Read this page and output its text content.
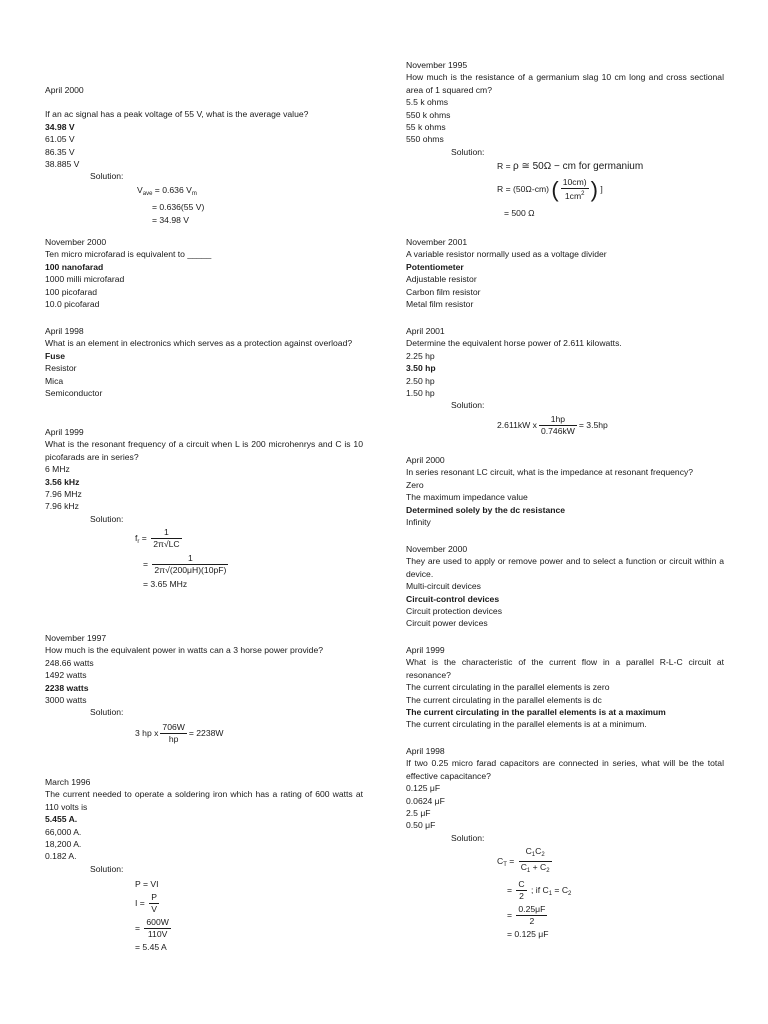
April 2000
If an ac signal has a peak voltage of 55 V, what is the average value?
34.98 V
61.05 V
86.35 V
38.885 V
Solution:
$V_{ave} = 0.636$ $V_m$
= 0.636(55 V)
= 34.98 V
November 2000
Ten micro microfarad is equivalent to _____
100 nanofarad
1000 milli microfarad
100 picofarad
10.0 picofarad
April 1998
What is an element in electronics which serves as a protection against overload?
Fuse
Resistor
Mica
Semiconductor
April 1999
What is the resonant frequency of a circuit when L is 200 microhenrys and C is 10 picofarads are in series?
6 MHz
3.56 kHz
7.96 MHz
7.96 kHz
Solution:
$f_r = \frac{1}{2\pi√LC}$
= $\frac{1}{2\pi√(200\mu H)(10pF)}$
= 3.65 MHz
November 1997
How much is the equivalent power in watts can a 3 horse power provide?
248.66 watts
1492 watts
2238 watts
3000 watts
Solution:
3 hp x $\frac{706W}{hp} = 2238W$
March 1996
The current needed to operate a soldering iron which has a rating of 600 watts at 110 volts is
5.455 A.
66,000 A.
18,200 A.
0.182 A.
Solution:
P = VI
$I = \frac{P}{V}$
= $\frac{600W}{110V}$
= 5.45 A
November 1995
How much is the resistance of a germanium slag 10 cm long and cross sectional area of 1 squared cm?
5.5 k ohms
550 k ohms
55 k ohms
550 ohms
Solution:
R = ρ ≅ 50Ω − cm for germanium
R = (50Ω-cm) ( $\frac{10cm)}{1cm^2}$ ) ]
= 500 Ω
November 2001
A variable resistor normally used as a voltage divider
Potentiometer
Adjustable resistor
Carbon film resistor
Metal film resistor
April 2001
Determine the equivalent horse power of 2.611 kilowatts.
2.25 hp
3.50 hp
2.50 hp
1.50 hp
Solution:
2.611kW x $\frac{1hp}{0.746kW} = 3.5hp$
April 2000
In series resonant LC circuit, what is the impedance at resonant frequency?
Zero
The maximum impedance value
Determined solely by the dc resistance
Infinity
November 2000
They are used to apply or remove power and to select a function or circuit within a device.
Multi-circuit devices
Circuit-control devices
Circuit protection devices
Circuit power devices
April 1999
What is the characteristic of the current flow in a parallel R-L-C circuit at resonance?
The current circulating in the parallel elements is zero
The current circulating in the parallel elements is dc
The current circulating in the parallel elements is at a maximum
The current circulating in the parallel elements is at a minimum.
April 1998
If two 0.25 micro farad capacitors are connected in series, what will be the total effective capacitance?
0.125 μF
0.0624 μF
2.5 μF
0.50 μF
Solution:
$C_T = \frac{C_1C_2}{C_1 + C_2}$
= $\frac{C}{2}$ ; if $C_1 = C_2$
= $\frac{0.25\mu F}{2}$
= 0.125 μF
